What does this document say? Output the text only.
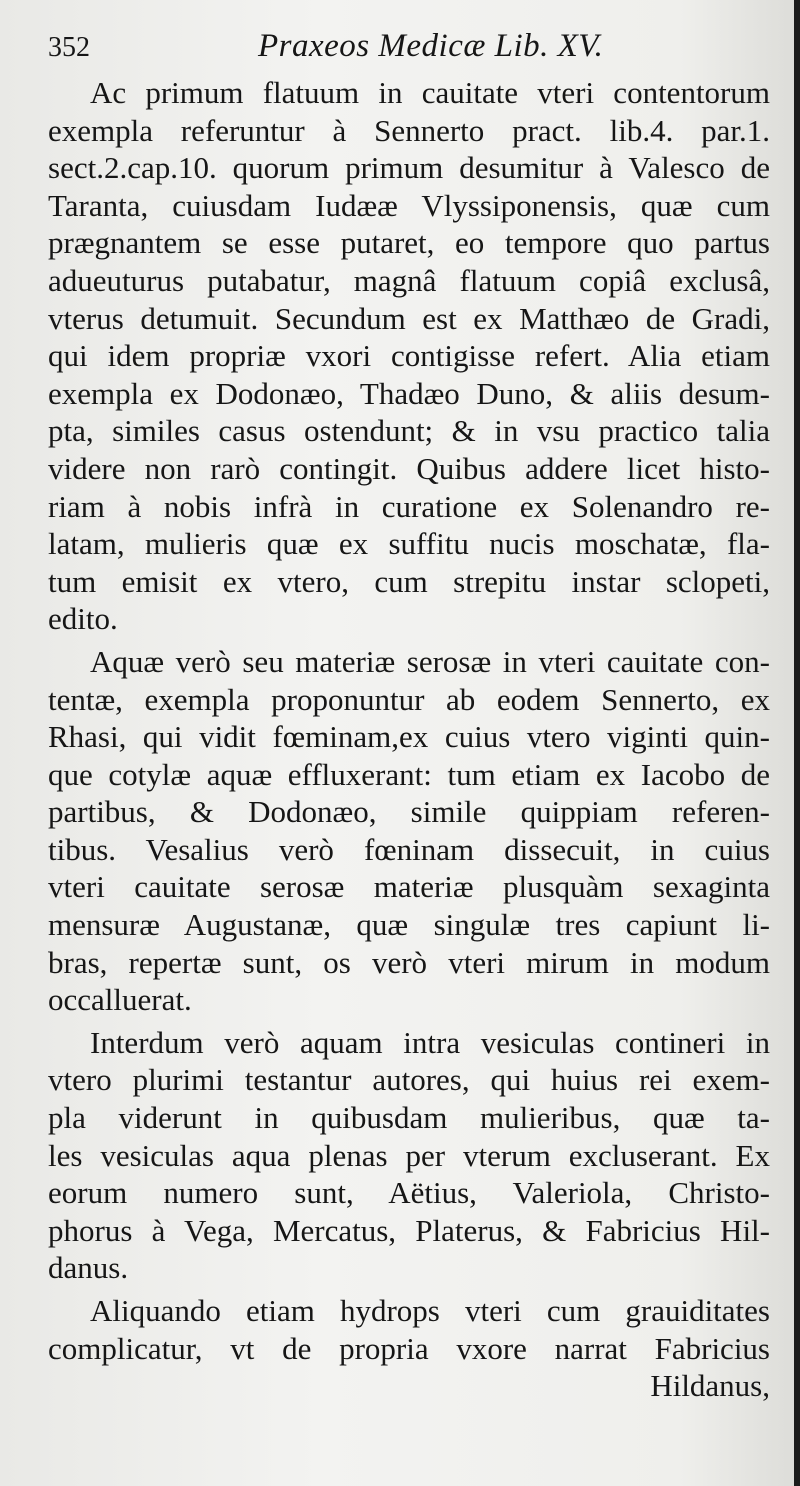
352	Praxeos Medicæ Lib. XV.
Ac primum flatuum in cauitate vteri contentorum
exempla referuntur à Sennerto pract. lib.4. par.1.
sect.2.cap.10. quorum primum desumitur à Valesco de
Taranta, cuiusdam Iudææ Vlyssiponensis, quæ cum
prægnantem se esse putaret, eo tempore quo partus
adueuturus putabatur, magnâ flatuum copiâ exclusâ,
vterus detumuit. Secundum est ex Matthæo de Gradi,
qui idem propriæ vxori contigisse refert. Alia etiam
exempla ex Dodonæo, Thadæo Duno, & aliis desum-
pta, similes casus ostendunt; & in vsu practico talia
videre non rarò contingit. Quibus addere licet histo-
riam à nobis infrà in curatione ex Solenandro re-
latam, mulieris quæ ex suffitu nucis moschatæ, fla-
tum emisit ex vtero, cum strepitu instar sclopeti,
edito.
Aquæ verò seu materiæ serosæ in vteri cauitate con-
tentæ, exempla proponuntur ab eodem Sennerto, ex
Rhasi, qui vidit fœminam,ex cuius vtero viginti quin-
que cotylæ aquæ effluxerant: tum etiam ex Iacobo de
partibus, & Dodonæo, simile quippiam referen-
tibus. Vesalius verò fœninam dissecuit, in cuius
vteri cauitate serosæ materiæ plusquàm sexaginta
mensuræ Augustanæ, quæ singulæ tres capiunt li-
bras, repertæ sunt, os verò vteri mirum in modum
occalluerat.
Interdum verò aquam intra vesiculas contineri in
vtero plurimi testantur autores, qui huius rei exem-
pla viderunt in quibusdam mulieribus, quæ ta-
les vesiculas aqua plenas per vterum excluserant. Ex
eorum numero sunt, Aëtius, Valeriola, Christo-
phorus à Vega, Mercatus, Platerus, & Fabricius Hil-
danus.
Aliquando etiam hydrops vteri cum grauiditates
complicatur, vt de propria vxore narrat Fabricius
Hildanus,
